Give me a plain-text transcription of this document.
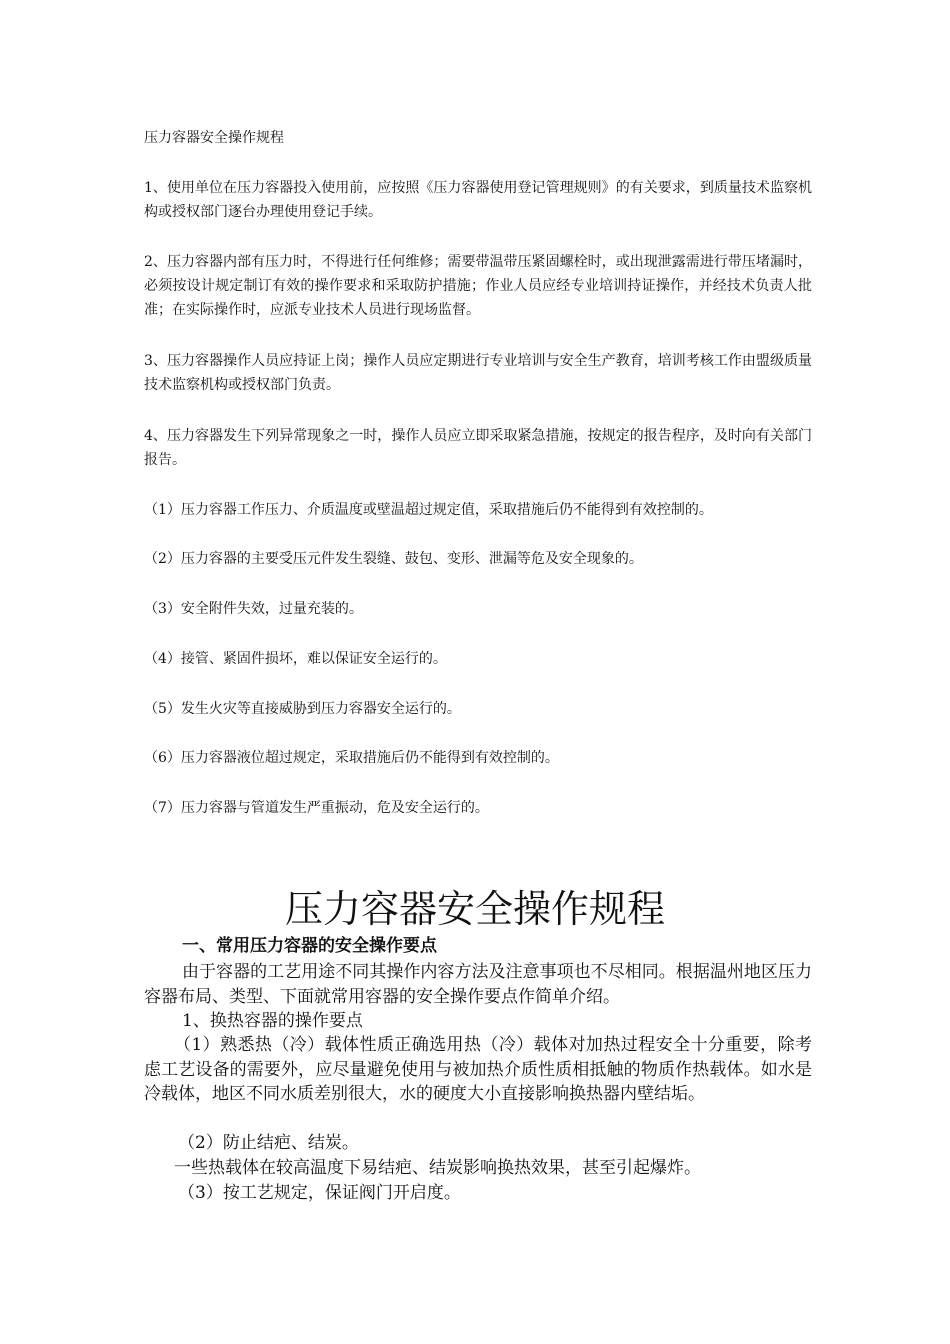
压力容器安全操作规程

1、使用单位在压力容器投入使用前，应按照《压力容器使用登记管理规则》的有关要求，到质量技术监察机构或授权部门逐台办理使用登记手续。

2、压力容器内部有压力时，不得进行任何维修；需要带温带压紧固螺栓时，或出现泄露需进行带压堵漏时，必须按设计规定制订有效的操作要求和采取防护措施；作业人员应经专业培训持证操作，并经技术负责人批准；在实际操作时，应派专业技术人员进行现场监督。

3、压力容器操作人员应持证上岗；操作人员应定期进行专业培训与安全生产教育，培训考核工作由盟级质量技术监察机构或授权部门负责。

4、压力容器发生下列异常现象之一时，操作人员应立即采取紧急措施，按规定的报告程序，及时向有关部门报告。

（1）压力容器工作压力、介质温度或壁温超过规定值，采取措施后仍不能得到有效控制的。

（2）压力容器的主要受压元件发生裂缝、鼓包、变形、泄漏等危及安全现象的。

（3）安全附件失效，过量充装的。

（4）接管、紧固件损坏，难以保证安全运行的。

（5）发生火灾等直接威胁到压力容器安全运行的。

（6）压力容器液位超过规定，采取措施后仍不能得到有效控制的。

（7）压力容器与管道发生严重振动，危及安全运行的。

压力容器安全操作规程

一、常用压力容器的安全操作要点

由于容器的工艺用途不同其操作内容方法及注意事项也不尽相同。根据温州地区压力容器布局、类型、下面就常用容器的安全操作要点作简单介绍。

1、换热容器的操作要点

（1）熟悉热（冷）载体性质正确选用热（冷）载体对加热过程安全十分重要，除考虑工艺设备的需要外，应尽量避免使用与被加热介质性质相抵触的物质作热载体。如水是冷载体，地区不同水质差别很大，水的硬度大小直接影响换热器内壁结垢。

（2）防止结疤、结炭。

一些热载体在较高温度下易结疤、结炭影响换热效果，甚至引起爆炸。

（3）按工艺规定，保证阀门开启度。
